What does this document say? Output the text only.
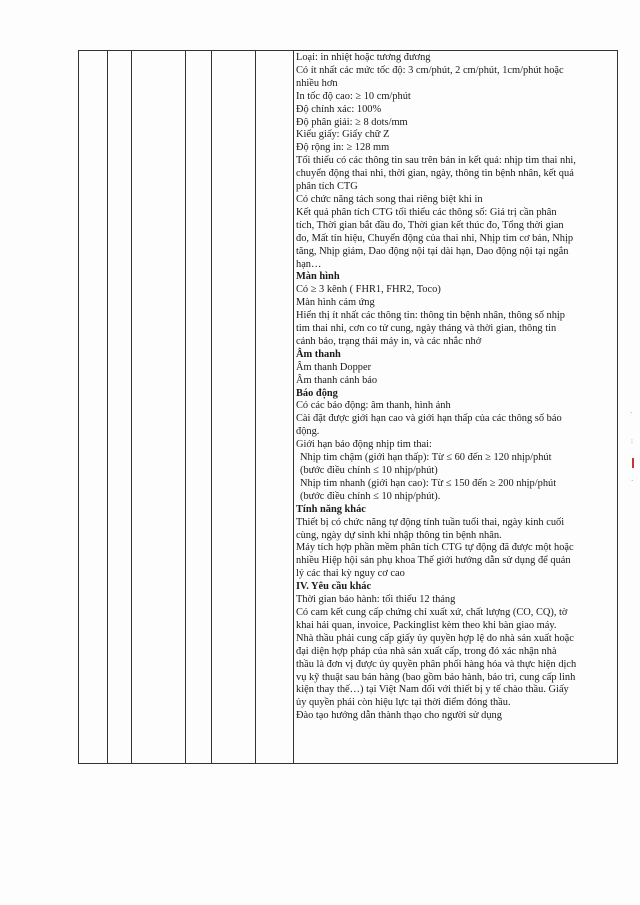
Loại: in nhiệt hoặc tương đương

Có ít nhất các mức tốc độ: 3 cm/phút, 2 cm/phút, 1cm/phút hoặc

nhiều hơn

In tốc độ cao: ≥ 10 cm/phút

Độ chính xác: 100%

Độ phân giải: ≥ 8 dots/mm

Kiểu giấy: Giấy chữ Z

Độ rộng in: ≥ 128 mm

Tối thiểu có các thông tin sau trên bản in kết quả: nhịp tim thai nhi,

chuyển động thai nhi, thời gian, ngày, thông tin bệnh nhân, kết quả

phân tích CTG

Có chức năng tách song thai riêng biệt khi in

Kết quả phân tích CTG tối thiểu các thông số: Giá trị cần phân

tích, Thời gian bắt đầu đo, Thời gian kết thúc đo, Tổng thời gian

đo, Mất tín hiệu, Chuyển động của thai nhi, Nhịp tim cơ bản, Nhịp

tăng, Nhịp giảm, Dao động nội tại dài hạn, Dao động nội tại ngắn

hạn…

Màn hình

Có ≥ 3 kênh ( FHR1, FHR2, Toco)

Màn hình cảm ứng

Hiển thị ít nhất các thông tin: thông tin bệnh nhân, thông số nhịp

tim thai nhi, cơn co tử cung, ngày tháng và thời gian, thông tin

cảnh báo, trạng thái máy in, và các nhắc nhở

Âm thanh

Âm thanh Dopper

Âm thanh cảnh báo

Báo động

Có các báo động: âm thanh, hình ảnh

Cài đặt được giới hạn cao và giới hạn thấp của các thông số báo

động.

Giới hạn báo động nhịp tim thai:

Nhịp tim chậm (giới hạn thấp): Từ ≤ 60 đến ≥ 120 nhịp/phút

(bước điều chỉnh ≤ 10 nhịp/phút)

Nhịp tim nhanh (giới hạn cao): Từ ≤ 150 đến ≥ 200 nhịp/phút

(bước điều chỉnh ≤ 10 nhịp/phút).

Tính năng khác

Thiết bị có chức năng tự động tính tuần tuổi thai, ngày kinh cuối

cùng, ngày dự sinh khi nhập thông tin bệnh nhân.

Máy tích hợp phần mềm phân tích CTG tự động đã được một hoặc

nhiều Hiệp hội sản phụ khoa Thế giới hướng dẫn sử dụng để quản

lý các thai kỳ nguy cơ cao

IV. Yêu cầu khác

Thời gian bảo hành: tối thiểu 12 tháng

Có cam kết cung cấp chứng chỉ xuất xứ, chất lượng (CO, CQ), tờ

khai hải quan, invoice, Packinglist kèm theo khi bàn giao máy.

Nhà thầu phải cung cấp giấy ủy quyền hợp lệ do nhà sản xuất hoặc

đại diện hợp pháp của nhà sản xuất cấp, trong đó xác nhận nhà

thầu là đơn vị được ủy quyền phân phối hàng hóa và thực hiện dịch

vụ kỹ thuật sau bán hàng (bao gồm bảo hành, bảo trì, cung cấp linh

kiện thay thế…) tại Việt Nam đối với thiết bị y tế chào thầu. Giấy

ủy quyền phải còn hiệu lực tại thời điểm đóng thầu.

Đào tạo hướng dẫn thành thạo cho người sử dụng

·
:
·
